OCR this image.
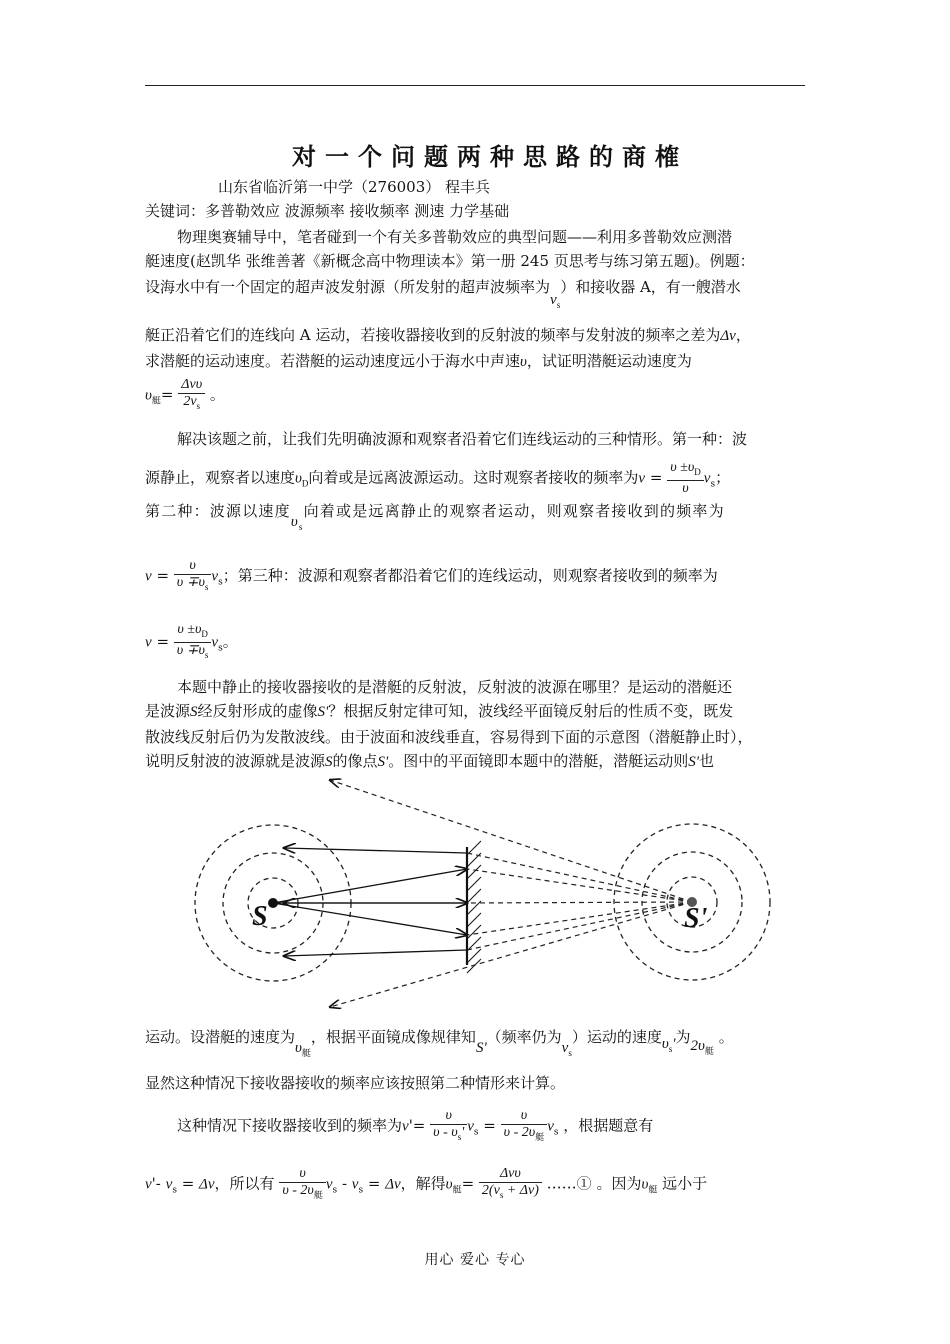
对一个问题两种思路的商榷
山东省临沂第一中学（276003） 程丰兵
关键词：多普勒效应 波源频率 接收频率 测速 力学基础
物理奥赛辅导中，笔者碰到一个有关多普勒效应的典型问题——利用多普勒效应测潜
艇速度(赵凯华 张维善著《新概念高中物理读本》第一册 245 页思考与练习第五题)。例题：
设海水中有一个固定的超声波发射源（所发射的超声波频率为$\nu_s$）和接收器 A，有一艘潜水
艇正沿着它们的连线向 A 运动，若接收器接收到的反射波的频率与发射波的频率之差为Δν，
求潜艇的运动速度。若潜艇的运动速度远小于海水中声速υ，试证明潜艇运动速度为
$\upsilon_艇= \frac{\text{Δνυ}}{2\nu_s}$ 。
解决该题之前，让我们先明确波源和观察者沿着它们连线运动的三种情形。第一种：波
源静止，观察者以速度$\upsilon_D$向着或是远离波源运动。这时观察者接收的频率为$\nu = \frac{\upsilon \pm\upsilon_D}{\upsilon} \nu_s$；
第二种：波源以速度$\upsilon_s$向着或是远离静止的观察者运动，则观察者接收到的频率为
$\nu = \frac{\upsilon}{\upsilon \mp\upsilon_s} \nu_s$；第三种：波源和观察者都沿着它们的连线运动，则观察者接收到的频率为
$\nu = \frac{\upsilon \pm\upsilon_D}{\upsilon \mp\upsilon_s} \nu_s$。
本题中静止的接收器接收的是潜艇的反射波，反射波的波源在哪里？是运动的潜艇还
是波源S经反射形成的虚像S'？根据反射定律可知，波线经平面镜反射后的性质不变，既发
散波线反射后仍为发散波线。由于波面和波线垂直，容易得到下面的示意图（潜艇静止时），
说明反射波的波源就是波源S的像点S'。图中的平面镜即本题中的潜艇，潜艇运动则S'也
S	S'
运动。设潜艇的速度为$\upsilon_艇$，根据平面镜成像规律知S'（频率仍为$\nu_s$）运动的速度$\upsilon_s'$为$2\upsilon_艇$ 。
显然这种情况下接收器接收的频率应该按照第二种情形来计算。
这种情况下接收器接收到的频率为$\nu'= \frac{\upsilon}{\upsilon - \upsilon_s'} \nu_s = \frac{\upsilon}{\upsilon - 2\upsilon_艇} \nu_s$ ，根据题意有
ν'- $\nu_s = \Delta\nu$，所以有 $\frac{\upsilon}{\upsilon - 2\upsilon_艇} \nu_s - \nu_s = \Delta\nu$，解得$\upsilon_艇= \frac{\text{Δνυ}}{2(\nu_s + \Delta\nu)}$ ……① 。因为$\upsilon_艇$ 远小于
用心 爱心 专心
